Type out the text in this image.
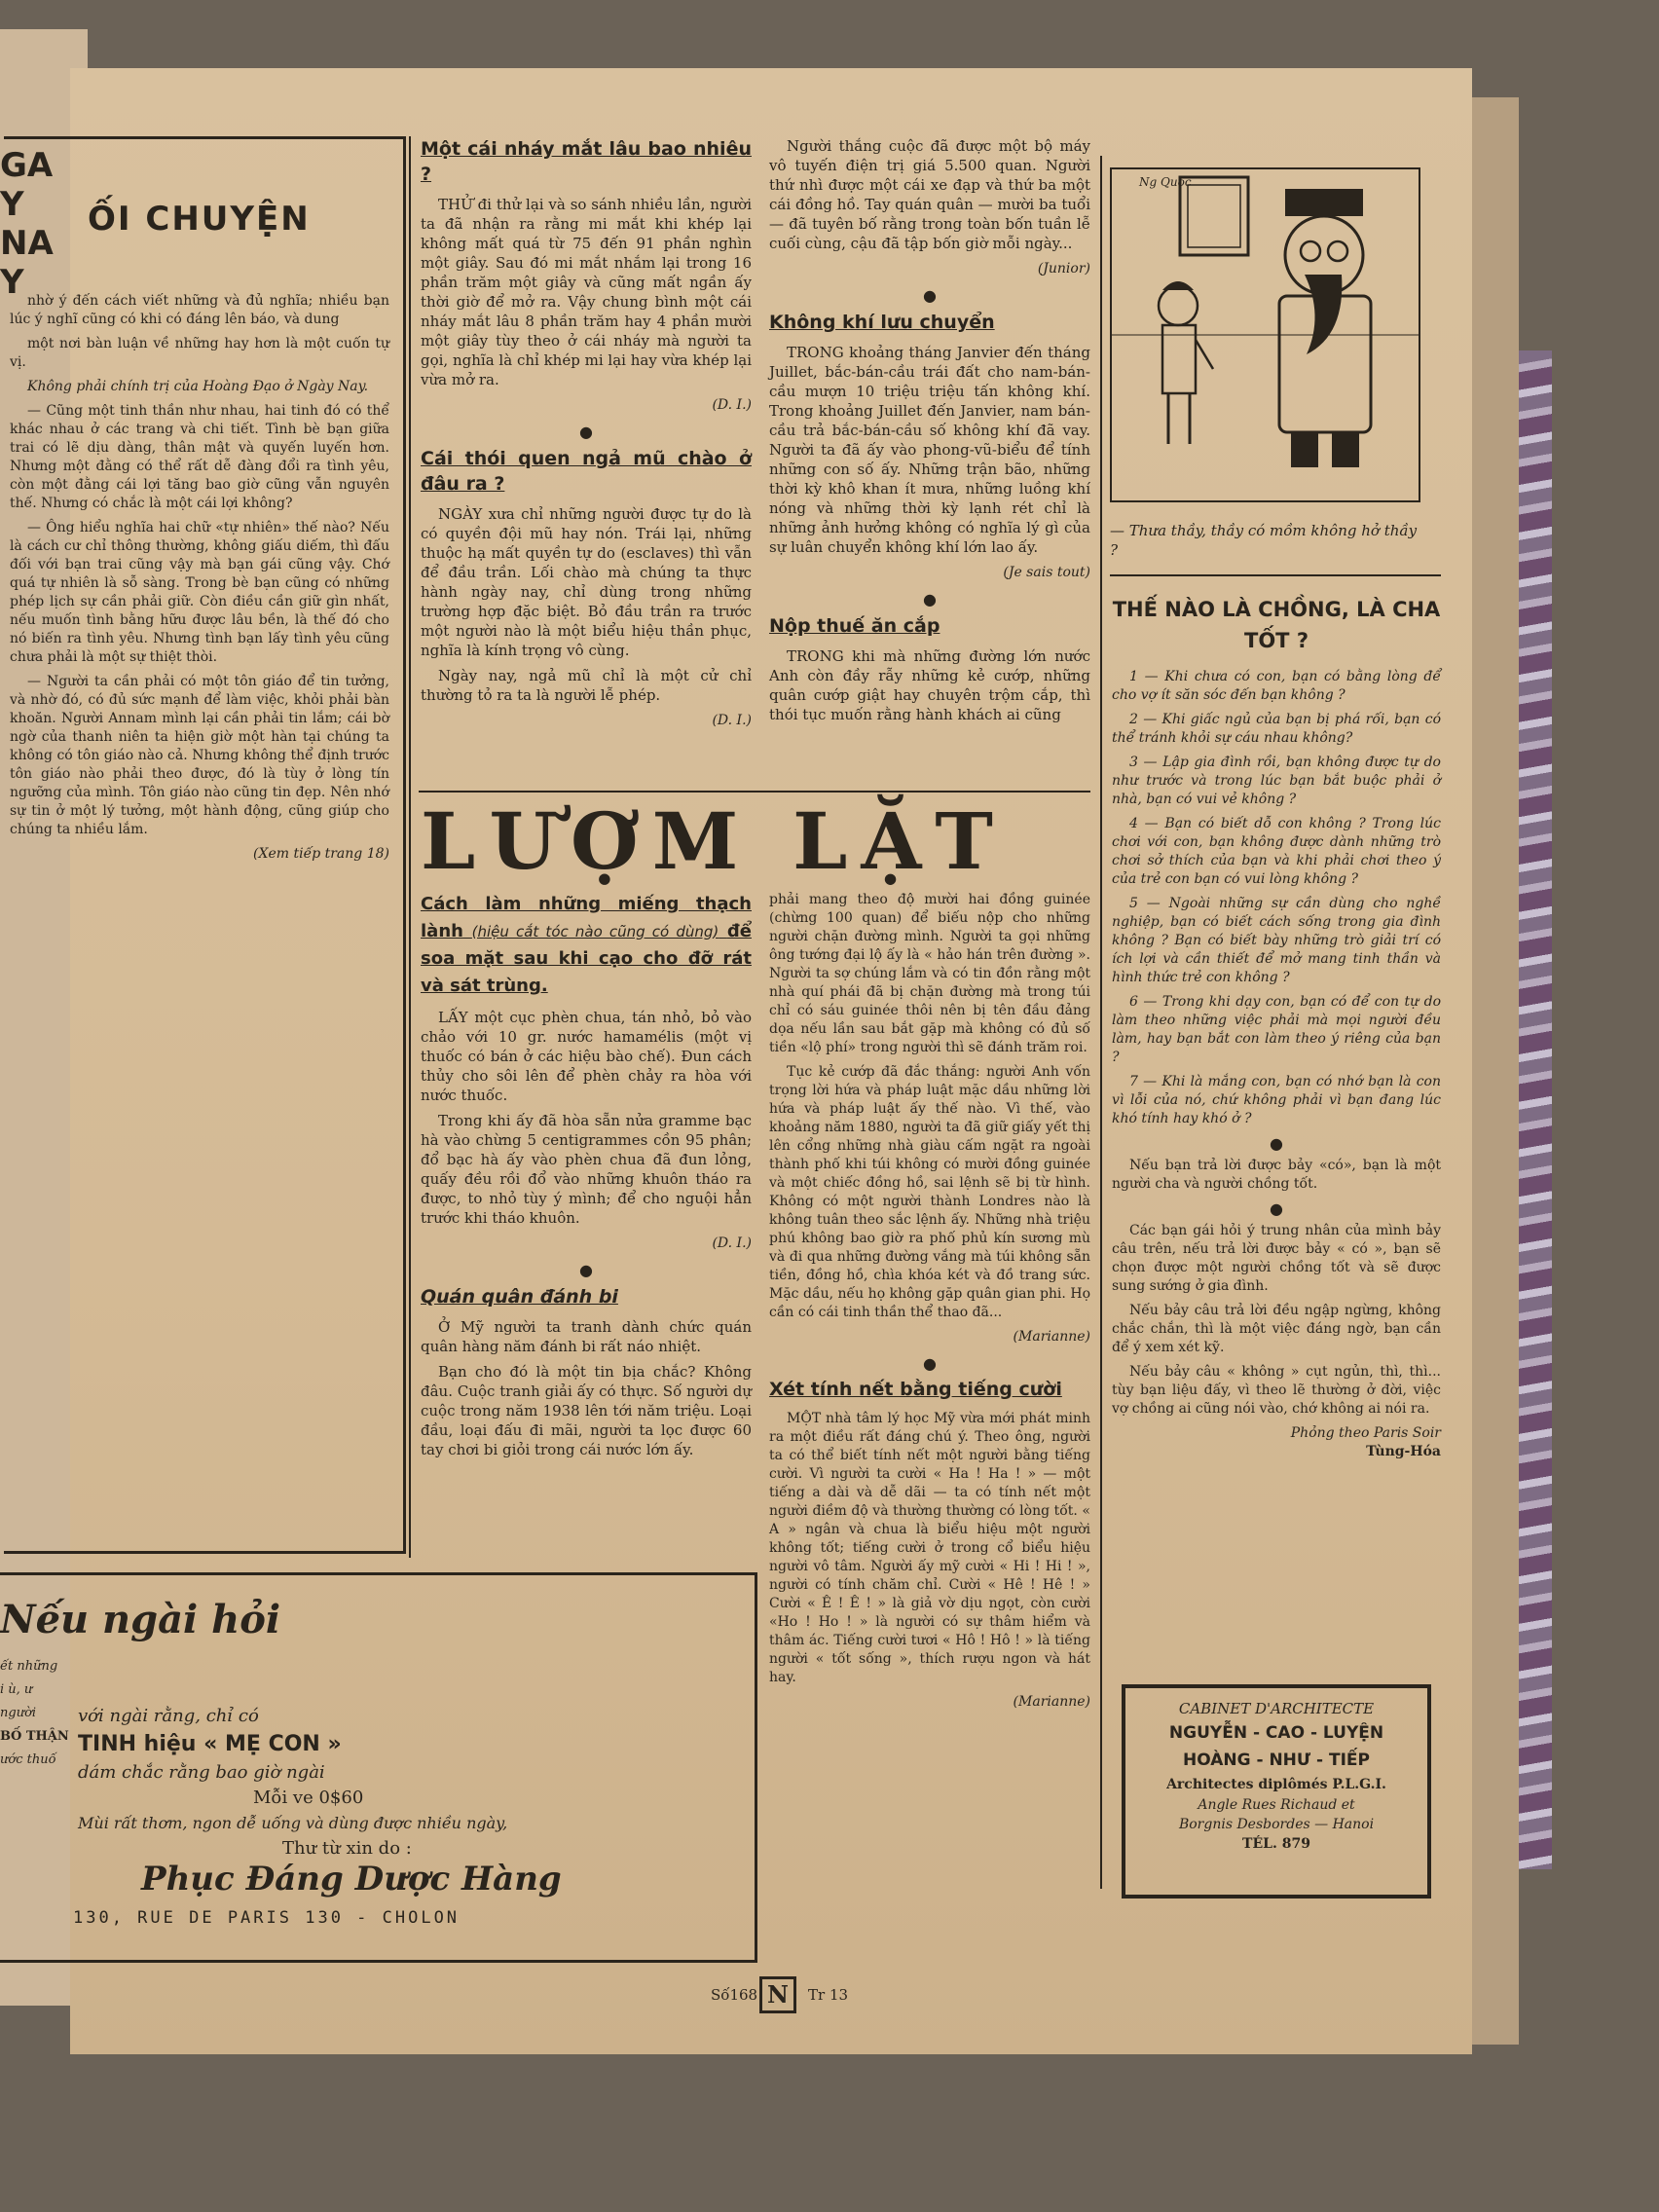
GAY NAY
ỐI CHUYỆN

nhờ ý đến cách viết những và đủ nghĩa; nhiều bạn lúc ý nghĩ cũng có khi có đáng lên báo, và dung

một nơi bàn luận về những hay hơn là một cuốn tự vị.

Không phải chính trị của Hoàng Đạo ở Ngày Nay.

— Cũng một tinh thần như nhau, hai tinh đó có thể khác nhau ở các trang và chi tiết. Tình bè bạn giữa trai có lẽ dịu dàng, thân mật và quyến luyến hơn. Nhưng một đằng có thể rất dễ đàng đổi ra tình yêu, còn một đằng cái lợi tăng bao giờ cũng vẫn nguyên thế. Nhưng có chắc là một cái lợi không?

— Ông hiểu nghĩa hai chữ «tự nhiên» thế nào? Nếu là cách cư chỉ thông thường, không giấu diếm, thì đấu đối với bạn trai cũng vậy mà bạn gái cũng vậy. Chớ quá tự nhiên là sỗ sàng. Trong bè bạn cũng có những phép lịch sự cần phải giữ. Còn điều cần giữ gìn nhất, nếu muốn tình bằng hữu được lâu bền, là thế đó cho nó biến ra tình yêu. Nhưng tình bạn lấy tình yêu cũng chưa phải là một sự thiệt thòi.

— Người ta cần phải có một tôn giáo để tin tưởng, và nhờ đó, có đủ sức mạnh để làm việc, khỏi phải bàn khoăn. Người Annam mình lại cần phải tin lắm; cái bờ ngờ của thanh niên ta hiện giờ một hàn tại chúng ta không có tôn giáo nào cả. Nhưng không thể định trước tôn giáo nào phải theo được, đó là tùy ở lòng tín ngưỡng của mình. Tôn giáo nào cũng tin đẹp. Nên nhớ sự tin ở một lý tưởng, một hành động, cũng giúp cho chúng ta nhiều lắm.

(Xem tiếp trang 18)
Một cái nháy mắt lâu bao nhiêu ?

THỬ đi thử lại và so sánh nhiều lần, người ta đã nhận ra rằng mi mắt khi khép lại không mất quá từ 75 đến 91 phần nghìn một giây. Sau đó mi mắt nhắm lại trong 16 phần trăm một giây và cũng mất ngần ấy thời giờ để mở ra. Vậy chung bình một cái nháy mắt lâu 8 phần trăm hay 4 phần mười một giây tùy theo ở cái nháy mà người ta gọi, nghĩa là chỉ khép mi lại hay vừa khép lại vừa mở ra.

(D. I.)
●
Cái thói quen ngả mũ chào ở đâu ra ?

NGÀY xưa chỉ những người được tự do là có quyền đội mũ hay nón. Trái lại, những thuộc hạ mất quyền tự do (esclaves) thì vẫn để đầu trần. Lối chào mà chúng ta thực hành ngày nay, chỉ dùng trong những trường hợp đặc biệt. Bỏ đầu trần ra trước một người nào là một biểu hiệu thần phục, nghĩa là kính trọng vô cùng.

Ngày nay, ngả mũ chỉ là một cử chỉ thường tỏ ra ta là người lễ phép.

(D. I.)

Người thắng cuộc đã được một bộ máy vô tuyến điện trị giá 5.500 quan. Người thứ nhì được một cái xe đạp và thứ ba một cái đồng hồ. Tay quán quân — mười ba tuổi — đã tuyên bố rằng trong toàn bốn tuần lễ cuối cùng, cậu đã tập bốn giờ mỗi ngày...

(Junior)
●
Không khí lưu chuyển

TRONG khoảng tháng Janvier đến tháng Juillet, bắc-bán-cầu trái đất cho nam-bán-cầu mượn 10 triệu triệu tấn không khí. Trong khoảng Juillet đến Janvier, nam bán-cầu trả bắc-bán-cầu số không khí đã vay. Người ta đã ấy vào phong-vũ-biểu để tính những con số ấy. Những trận bão, những thời kỳ khô khan ít mưa, những luồng khí nóng và những thời kỳ lạnh rét chỉ là những ảnh hưởng không có nghĩa lý gì của sự luân chuyển không khí lớn lao ấy.

(Je sais tout)
●
Nộp thuế ăn cắp

TRONG khi mà những đường lớn nước Anh còn đầy rẫy những kẻ cướp, những quân cướp giật hay chuyên trộm cắp, thì thói tục muốn rằng hành khách ai cũng

Ng Quốc
— Thưa thầy, thầy có mồm không hở thầy ?
THẾ NÀO LÀ CHỒNG, LÀ CHA TỐT ?

1 — Khi chưa có con, bạn có bằng lòng để cho vợ ít săn sóc đến bạn không ?

2 — Khi giấc ngủ của bạn bị phá rối, bạn có thể tránh khỏi sự cáu nhau không?

3 — Lập gia đình rồi, bạn không được tự do như trước và trong lúc bạn bắt buộc phải ở nhà, bạn có vui vẻ không ?

4 — Bạn có biết dỗ con không ? Trong lúc chơi với con, bạn không được dành những trò chơi sở thích của bạn và khi phải chơi theo ý của trẻ con bạn có vui lòng không ?

5 — Ngoài những sự cần dùng cho nghề nghiệp, bạn có biết cách sống trong gia đình không ? Bạn có biết bày những trò giải trí có ích lợi và cần thiết để mở mang tinh thần và hình thức trẻ con không ?

6 — Trong khi dạy con, bạn có để con tự do làm theo những việc phải mà mọi người đều làm, hay bạn bắt con làm theo ý riêng của bạn ?

7 — Khi là mắng con, bạn có nhớ bạn là con vì lỗi của nó, chứ không phải vì bạn đang lúc khó tính hay khó ở ?

●

Nếu bạn trả lời được bảy «có», bạn là một người cha và người chồng tốt.

●

Các bạn gái hỏi ý trung nhân của mình bảy câu trên, nếu trả lời được bảy « có », bạn sẽ chọn được một người chồng tốt và sẽ được sung sướng ở gia đình.

Nếu bảy câu trả lời đều ngập ngừng, không chắc chắn, thì là một việc đáng ngờ, bạn cần để ý xem xét kỹ.

Nếu bảy câu « không » cụt ngủn, thì, thì... tùy bạn liệu đấy, vì theo lẽ thường ở đời, việc vợ chồng ai cũng nói vào, chớ không ai nói ra.

Phỏng theo Paris Soir
Tùng-Hóa
CABINET D'ARCHITECTE
NGUYỄN - CAO - LUYỆN
HOÀNG - NHƯ - TIẾP
Architectes diplômés P.L.G.I.
Angle Rues Richaud et
Borgnis Desbordes — Hanoi
TÉL. 879
LƯỢM LẶT
Cách làm những miếng thạch lành (hiệu cắt tóc nào cũng có dùng) để soa mặt sau khi cạo cho đỡ rát và sát trùng.

LẤY một cục phèn chua, tán nhỏ, bỏ vào chảo với 10 gr. nước hamamélis (một vị thuốc có bán ở các hiệu bào chế). Đun cách thủy cho sôi lên để phèn chảy ra hòa với nước thuốc.

Trong khi ấy đã hòa sẵn nửa gramme bạc hà vào chừng 5 centigrammes cồn 95 phân; đổ bạc hà ấy vào phèn chua đã đun lỏng, quấy đều rồi đổ vào những khuôn tháo ra được, to nhỏ tùy ý mình; để cho nguội hẳn trước khi tháo khuôn.

(D. I.)
●
Quán quân đánh bi

Ở Mỹ người ta tranh dành chức quán quân hàng năm đánh bi rất náo nhiệt.

Bạn cho đó là một tin bịa chắc? Không đâu. Cuộc tranh giải ấy có thực. Số người dự cuộc trong năm 1938 lên tới năm triệu. Loại đầu, loại đấu đi mãi, người ta lọc được 60 tay chơi bi giỏi trong cái nước lớn ấy.

phải mang theo độ mười hai đồng guinée (chừng 100 quan) để biếu nộp cho những người chặn đường mình. Người ta gọi những ông tướng đại lộ ấy là « hảo hán trên đường ». Người ta sợ chúng lắm và có tin đồn rằng một nhà quí phái đã bị chặn đường mà trong túi chỉ có sáu guinée thôi nên bị tên đầu đảng dọa nếu lần sau bắt gặp mà không có đủ số tiền «lộ phí» trong người thì sẽ đánh trăm roi.

Tục kẻ cướp đã đắc thắng: người Anh vốn trọng lời hứa và pháp luật mặc dầu những lời hứa và pháp luật ấy thế nào. Vì thế, vào khoảng năm 1880, người ta đã giữ giấy yết thị lên cổng những nhà giàu cấm ngặt ra ngoài thành phố khi túi không có mười đồng guinée và một chiếc đồng hồ, sai lệnh sẽ bị từ hình. Không có một người thành Londres nào là không tuân theo sắc lệnh ấy. Những nhà triệu phú không bao giờ ra phố phủ kín sương mù và đi qua những đường vắng mà túi không sẵn tiền, đồng hồ, chìa khóa két và đồ trang sức. Mặc dầu, nếu họ không gặp quân gian phi. Họ cần có cái tinh thần thể thao đã...

(Marianne)
●
Xét tính nết bằng tiếng cười

MỘT nhà tâm lý học Mỹ vừa mới phát minh ra một điều rất đáng chú ý. Theo ông, người ta có thể biết tính nết một người bằng tiếng cười. Vì người ta cười « Ha ! Ha ! » — một tiếng a dài và dễ dãi — ta có tính nết một người điềm độ và thường thường có lòng tốt. « A » ngân và chua là biểu hiệu một người không tốt; tiếng cười ở trong cổ biểu hiệu người vô tâm. Người ấy mỹ cười « Hi ! Hi ! », người có tính chăm chỉ. Cười « Hê ! Hê ! » Cười « Ê ! Ê ! » là giả vờ dịu ngọt, còn cười «Ho ! Ho ! » là người có sự thâm hiểm và thâm ác. Tiếng cười tươi « Hô ! Hô ! » là tiếng người « tốt sống », thích rượu ngon và hát hay.

(Marianne)
Nếu ngài hỏi
ết những
i ù, ư
người
BỐ THẬN
ước thuố
với ngài rằng, chỉ có
TINH hiệu « MẸ CON »
dám chắc rằng bao giờ ngài
Mỗi ve 0$60
Mùi rất thơm, ngon dễ uống và dùng được nhiều ngày,
Thư từ xin do :
Phục Đáng Dược Hàng
130, RUE DE PARIS 130 - CHOLON
Số168 N	Tr 13
